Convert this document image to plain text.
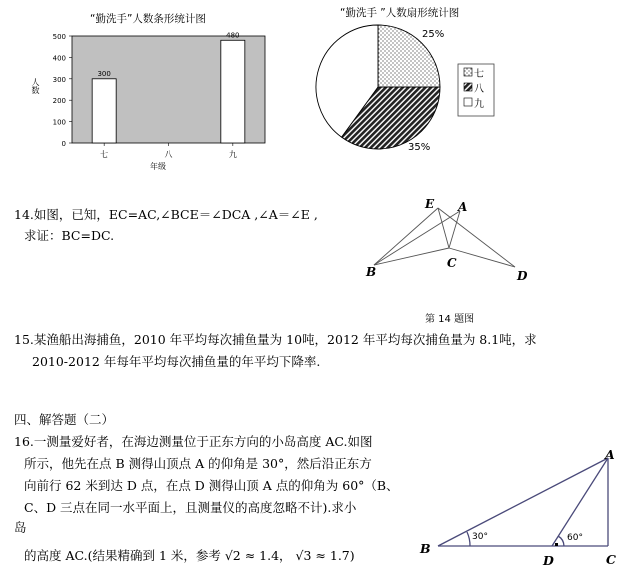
“勤洗手”人数条形统计图
500
400
300
200
100
0
300
480
七	八	九
人数
年级
“勤洗手 ”人数扇形统计图
25%
35%
七
八
九
14.如图，已知，EC=AC,∠BCE＝∠DCA ,∠A＝∠E ,
求证：BC=DC.
E A
B
C
D
第 14 题图
15.某渔船出海捕鱼，2010 年平均每次捕鱼量为 10吨，2012 年平均每次捕鱼量为 8.1吨，求
2010-2012 年每年平均每次捕鱼量的年平均下降率.
四、解答题（二）
16.一测量爱好者，在海边测量位于正东方向的小岛高度 AC.如图
所示，他先在点 B 测得山顶点 A 的仰角是 30°，然后沿正东方
向前行 62 米到达 D 点，在点 D 测得山顶 A 点的仰角为 60°（B、
C、D 三点在同一水平面上，且测量仪的高度忽略不计).求小
岛
的高度 AC.(结果精确到 1 米，参考 √2 ≈ 1.4， √3 ≈ 1.7)
A
B
D	C
30°	60°
